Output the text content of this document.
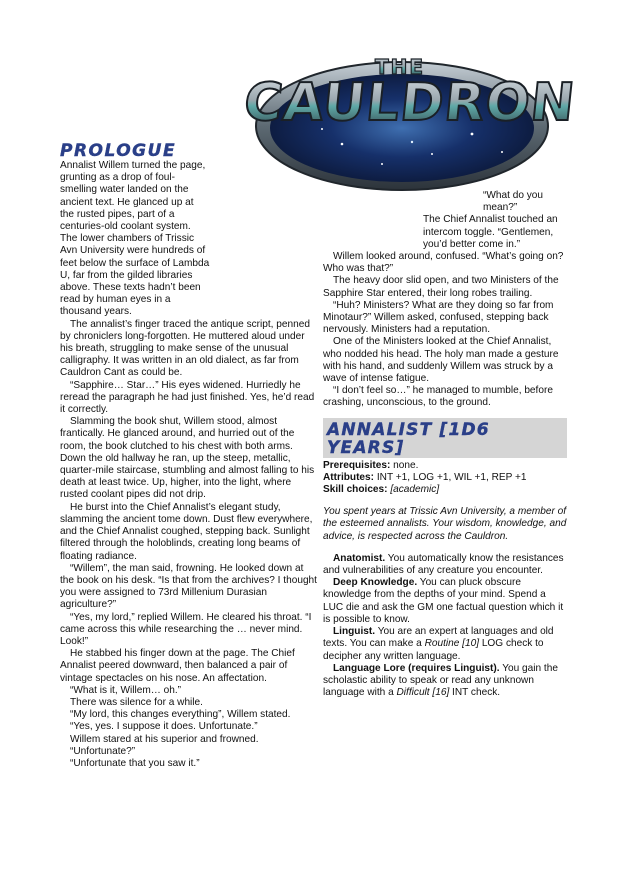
THE
CAULDRON
PROLOGUE

Annalist Willem turned the page, grunting as a drop of foul-smelling water landed on the ancient text. He glanced up at the rusted pipes, part of a centuries-old coolant system. The lower chambers of Trissic Avn University were hundreds of feet below the surface of Lambda U, far from the gilded libraries above. These texts hadn’t been read by human eyes in a thousand years.

The annalist’s finger traced the antique script, penned by chroniclers long-forgotten. He muttered aloud under his breath, struggling to make sense of the unusual calligraphy. It was written in an old dialect, as far from Cauldron Cant as could be.

“Sapphire… Star…” His eyes widened. Hurriedly he reread the paragraph he had just finished. Yes, he’d read it correctly.

Slamming the book shut, Willem stood, almost frantically. He glanced around, and hurried out of the room, the book clutched to his chest with both arms. Down the old hallway he ran, up the steep, metallic, quarter-mile staircase, stumbling and almost falling to his death at least twice. Up, higher, into the light, where rusted coolant pipes did not drip.

He burst into the Chief Annalist’s elegant study, slamming the ancient tome down. Dust flew everywhere, and the Chief Annalist coughed, stepping back. Sunlight filtered through the holoblinds, creating long beams of floating radiance.

“Willem”, the man said, frowning. He looked down at the book on his desk. “Is that from the archives? I thought you were assigned to 73rd Millenium Durasian agriculture?”

“Yes, my lord,” replied Willem. He cleared his throat. “I came across this while researching the … never mind. Look!”

He stabbed his finger down at the page. The Chief Annalist peered downward, then balanced a pair of vintage spectacles on his nose. An affectation.

“What is it, Willem… oh.”

There was silence for a while.

“My lord, this changes everything”, Willem stated.

“Yes, yes. I suppose it does. Unfortunate.”

Willem stared at his superior and frowned.

“Unfortunate?”

“Unfortunate that you saw it.”

“What do you mean?”

The Chief Annalist touched an intercom toggle. “Gentlemen, you’d better come in.”

Willem looked around, confused. “What’s going on? Who was that?”

The heavy door slid open, and two Ministers of the Sapphire Star entered, their long robes trailing.

“Huh? Ministers? What are they doing so far from Minotaur?” Willem asked, confused, stepping back nervously. Ministers had a reputation.

One of the Ministers looked at the Chief Annalist, who nodded his head. The holy man made a gesture with his hand, and suddenly Willem was struck by a wave of intense fatigue.

“I don’t feel so…” he managed to mumble, before crashing, unconscious, to the ground.

ANNALIST [1D6 YEARS]

Prerequisites: none.

Attributes: INT +1, LOG +1, WIL +1, REP +1

Skill choices: [academic]

You spent years at Trissic Avn University, a member of the esteemed annalists. Your wisdom, knowledge, and advice, is respected across the Cauldron.

Anatomist. You automatically know the resistances and vulnerabilities of any creature you encounter.

Deep Knowledge. You can pluck obscure knowledge from the depths of your mind. Spend a LUC die and ask the GM one factual question which it is possible to know.

Linguist. You are an expert at languages and old texts. You can make a Routine [10] LOG check to decipher any written language.

Language Lore (requires Linguist). You gain the scholastic ability to speak or read any unknown language with a Difficult [16] INT check.
